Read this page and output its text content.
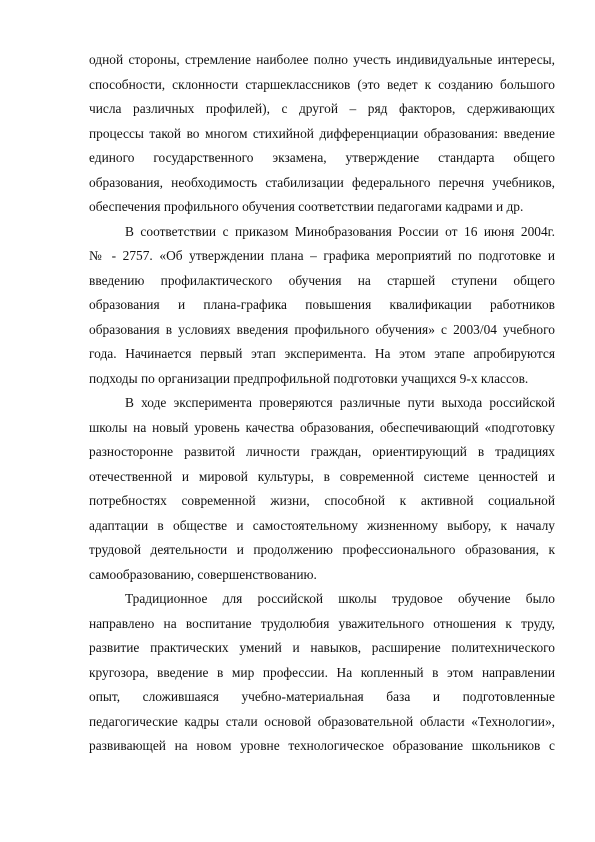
одной стороны, стремление наиболее полно учесть индивидуальные интересы,
способности, склонности старшеклассников (это ведет к созданию большого
числа различных профилей), с другой – ряд факторов, сдерживающих
процессы такой во многом стихийной дифференциации образования: введение
единого государственного экзамена, утверждение стандарта общего
образования, необходимость стабилизации федерального перечня учебников,
обеспечения профильного обучения соответствии педагогами кадрами и др.
В соответствии с приказом Минобразования России от 16 июня 2004г.
№ - 2757. «Об утверждении плана – графика мероприятий по подготовке и
введению профилактического обучения на старшей ступени общего
образования и плана-графика повышения квалификации работников
образования в условиях введения профильного обучения» с 2003/04 учебного
года. Начинается первый этап эксперимента. На этом этапе апробируются
подходы по организации предпрофильной подготовки учащихся 9-х классов.
В ходе эксперимента проверяются различные пути выхода российской
школы на новый уровень качества образования, обеспечивающий «подготовку
разносторонне развитой личности граждан, ориентирующий в традициях
отечественной и мировой культуры, в современной системе ценностей и
потребностях современной жизни, способной к активной социальной
адаптации в обществе и самостоятельному жизненному выбору, к началу
трудовой деятельности и продолжению профессионального образования, к
самообразованию, совершенствованию.
Традиционное для российской школы трудовое обучение было
направлено на воспитание трудолюбия уважительного отношения к труду,
развитие практических умений и навыков, расширение политехнического
кругозора, введение в мир профессии. На копленный в этом направлении
опыт, сложившаяся учебно-материальная база и подготовленные
педагогические кадры стали основой образовательной области «Технологии»,
развивающей на новом уровне технологическое образование школьников с
